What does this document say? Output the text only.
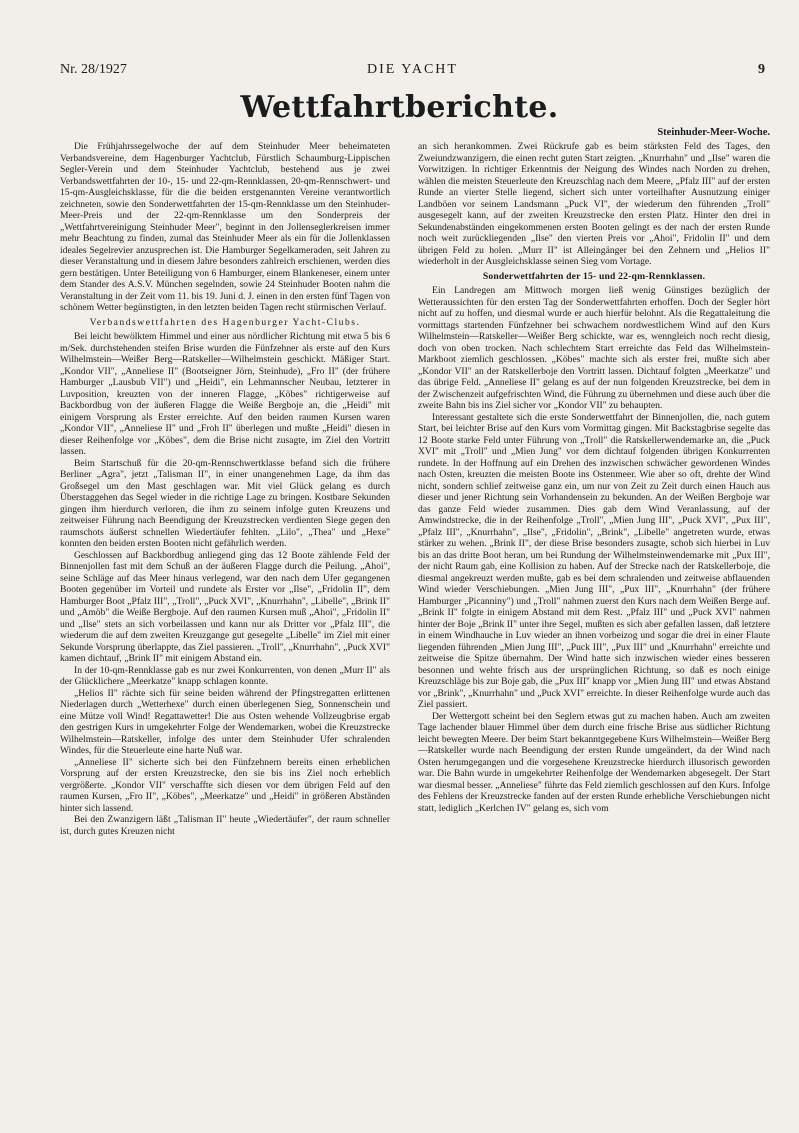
Nr. 28/1927	DIE YACHT	9
Wettfahrtberichte.
Steinhuder-Meer-Woche.

Die Frühjahrssegelwoche der auf dem Steinhuder Meer beheimateten Verbandsvereine, dem Hagenburger Yachtclub, Fürstlich Schaumburg-Lippischen Segler-Verein und dem Steinhuder Yachtclub, bestehend aus je zwei Verbandswettfahrten der 10-, 15- und 22-qm-Rennklassen, 20-qm-Rennschwert- und 15-qm-Ausgleichsklasse, für die die beiden erstgenannten Vereine verantwortlich zeichneten, sowie den Sonderwettfahrten der 15-qm-Rennklasse um den Steinhuder-Meer-Preis und der 22-qm-Rennklasse um den Sonderpreis der „Wettfahrtvereinigung Steinhuder Meer", beginnt in den Jollenseglerkreisen immer mehr Beachtung zu finden, zumal das Steinhuder Meer als ein für die Jollenklassen ideales Segelrevier anzusprechen ist. Die Hamburger Segelkameraden, seit Jahren zu dieser Veranstaltung und in diesem Jahre besonders zahlreich erschienen, werden dies gern bestätigen. Unter Beteiligung von 6 Hamburger, einem Blankeneser, einem unter dem Stander des A.S.V. München segelnden, sowie 24 Steinhuder Booten nahm die Veranstaltung in der Zeit vom 11. bis 19. Juni d. J. einen in den ersten fünf Tagen von schönem Wetter begünstigten, in den letzten beiden Tagen recht stürmischen Verlauf.

Verbandswettfahrten des Hagenburger Yacht-Clubs.

Bei leicht bewölktem Himmel und einer aus nördlicher Richtung mit etwa 5 bis 6 m/Sek. durchstehenden steifen Brise wurden die Fünfzehner als erste auf den Kurs Wilhelmstein—Weißer Berg—Ratskeller—Wilhelmstein geschickt. Mäßiger Start. „Kondor VII", „Anneliese II" (Bootseigner Jörn, Steinhude), „Fro II" (der frühere Hamburger „Lausbub VII") und „Heidi", ein Lehmannscher Neubau, letzterer in Luvposition, kreuzten von der inneren Flagge, „Köbes" richtigerweise auf Backbordbug von der äußeren Flagge die Weiße Bergboje an, die „Heidi" mit einigem Vorsprung als Erster erreichte. Auf den beiden raumen Kursen waren „Kondor VII", „Anneliese II" und „Froh II" überlegen und mußte „Heidi" diesen in dieser Reihenfolge vor „Köbes", dem die Brise nicht zusagte, im Ziel den Vortritt lassen.

Beim Startschuß für die 20-qm-Rennschwertklasse befand sich die frühere Berliner „Agra", jetzt „Talisman II", in einer unangenehmen Lage, da ihm das Großsegel um den Mast geschlagen war. Mit viel Glück gelang es durch Überstaggehen das Segel wieder in die richtige Lage zu bringen. Kostbare Sekunden gingen ihm hierdurch verloren, die ihm zu seinem infolge guten Kreuzens und zeitweiser Führung nach Beendigung der Kreuzstrecken verdienten Siege gegen den raumschots äußerst schnellen Wiedertäufer fehlten. „Lilo", „Thea" und „Hexe" konnten den beiden ersten Booten nicht gefährlich werden.

Geschlossen auf Backbordbug anliegend ging das 12 Boote zählende Feld der Binnenjollen fast mit dem Schuß an der äußeren Flagge durch die Peilung. „Ahoi", seine Schläge auf das Meer hinaus verlegend, war den nach dem Ufer gegangenen Booten gegenüber im Vorteil und rundete als Erster vor „Ilse", „Fridolin II", dem Hamburger Boot „Pfalz III", „Troll", „Puck XVI", „Knurrhahn", „Libelle", „Brink II" und „Amöb" die Weiße Bergboje. Auf den raumen Kursen muß „Ahoi", „Fridolin II" und „Ilse" stets an sich vorbeilassen und kann nur als Dritter vor „Pfalz III", die wiederum die auf dem zweiten Kreuzgange gut gesegelte „Libelle" im Ziel mit einer Sekunde Vorsprung überlappte, das Ziel passieren. „Troll", „Knurrhahn", „Puck XVI" kamen dichtauf, „Brink II" mit einigem Abstand ein.

In der 10-qm-Rennklasse gab es nur zwei Konkurrenten, von denen „Murr II" als der Glücklichere „Meerkatze" knapp schlagen konnte.

„Helios II" rächte sich für seine beiden während der Pfingstregatten erlittenen Niederlagen durch „Wetterhexe" durch einen überlegenen Sieg, Sonnenschein und eine Mütze voll Wind! Regattawetter! Die aus Osten wehende Vollzeugbrise ergab den gestrigen Kurs in umgekehrter Folge der Wendemarken, wobei die Kreuzstrecke Wilhelmstein—Ratskeller, infolge des unter dem Steinhuder Ufer schralenden Windes, für die Steuerleute eine harte Nuß war.

„Anneliese II" sicherte sich bei den Fünfzehnern bereits einen erheblichen Vorsprung auf der ersten Kreuzstrecke, den sie bis ins Ziel noch erheblich vergrößerte. „Kondor VII" verschaffte sich diesen vor dem übrigen Feld auf den raumen Kursen, „Fro II", „Köbes", „Meerkatze" und „Heidi" in größeren Abständen hinter sich lassend.

Bei den Zwanzigern läßt „Talisman II" heute „Wiedertäufer", der raum schneller ist, durch gutes Kreuzen nicht

an sich herankommen. Zwei Rückrufe gab es beim stärksten Feld des Tages, den Zweiundzwanzigern, die einen recht guten Start zeigten. „Knurrhahn" und „Ilse" waren die Vorwitzigen. In richtiger Erkenntnis der Neigung des Windes nach Norden zu drehen, wählen die meisten Steuerleute den Kreuzschlag nach dem Meere, „Pfalz III" auf der ersten Runde an vierter Stelle liegend, sichert sich unter vorteilhafter Ausnutzung einiger Landböen vor seinem Landsmann „Puck VI", der wiederum den führenden „Troll" ausgesegelt kann, auf der zweiten Kreuzstrecke den ersten Platz. Hinter den drei in Sekundenabständen eingekommenen ersten Booten gelingt es der nach der ersten Runde noch weit zurückliegenden „Ilse" den vierten Preis vor „Ahoi", Fridolin II" und dem übrigen Feld zu holen. „Murr II" ist Alleingänger bei den Zehnern und „Helios II" wiederholt in der Ausgleichsklasse seinen Sieg vom Vortage.

Sonderwettfahrten der 15- und 22-qm-Rennklassen.

Ein Landregen am Mittwoch morgen ließ wenig Günstiges bezüglich der Wetteraussichten für den ersten Tag der Sonderwettfahrten erhoffen. Doch der Segler hört nicht auf zu hoffen, und diesmal wurde er auch hierfür belohnt. Als die Regattaleitung die vormittags startenden Fünfzehner bei schwachem nordwestlichem Wind auf den Kurs Wilhelmstein—Ratskeller—Weißer Berg schickte, war es, wenngleich noch recht diesig, doch von oben trocken. Nach schlechtem Start erreichte das Feld das Wilhelmstein-Markboot ziemlich geschlossen. „Köbes" machte sich als erster frei, mußte sich aber „Kondor VII" an der Ratskellerboje den Vortritt lassen. Dichtauf folgten „Meerkatze" und das übrige Feld. „Anneliese II" gelang es auf der nun folgenden Kreuzstrecke, bei dem in der Zwischenzeit aufgefrischten Wind, die Führung zu übernehmen und diese auch über die zweite Bahn bis ins Ziel sicher vor „Kondor VII" zu behaupten.

Interessant gestaltete sich die erste Sonderwettfahrt der Binnenjollen, die, nach gutem Start, bei leichter Brise auf den Kurs vom Vormittag gingen. Mit Backstagbrise segelte das 12 Boote starke Feld unter Führung von „Troll" die Ratskellerwendemarke an, die „Puck XVI" mit „Troll" und „Mien Jung" vor dem dichtauf folgenden übrigen Konkurrenten rundete. In der Hoffnung auf ein Drehen des inzwischen schwächer gewordenen Windes nach Osten, kreuzten die meisten Boote ins Ostenmeer. Wie aber so oft, drehte der Wind nicht, sondern schlief zeitweise ganz ein, um nur von Zeit zu Zeit durch einen Hauch aus dieser und jener Richtung sein Vorhandensein zu bekunden. An der Weißen Bergboje war das ganze Feld wieder zusammen. Dies gab dem Wind Veranlassung, auf der Amwindstrecke, die in der Reihenfolge „Troll", „Mien Jung III", „Puck XVI", „Pux III", „Pfalz III", „Knurrhahn", „Ilse", „Fridolin", „Brink", „Libelle" angetreten wurde, etwas stärker zu wehen. „Brink II", der diese Brise besonders zusagte, schob sich hierbei in Luv bis an das dritte Boot heran, um bei Rundung der Wilhelmsteinwendemarke mit „Pux III", der nicht Raum gab, eine Kollision zu haben. Auf der Strecke nach der Ratskellerboje, die diesmal angekreuzt werden mußte, gab es bei dem schralenden und zeitweise abflauenden Wind wieder Verschiebungen. „Mien Jung III", „Pux III", „Knurrhahn" (der frühere Hamburger „Picanniny") und „Troll" nahmen zuerst den Kurs nach dem Weißen Berge auf. „Brink II" folgte in einigem Abstand mit dem Rest. „Pfalz III" und „Puck XVI" nahmen hinter der Boje „Brink II" unter ihre Segel, mußten es sich aber gefallen lassen, daß letztere in einem Windhauche in Luv wieder an ihnen vorbeizog und sogar die drei in einer Flaute liegenden führenden „Mien Jung III", „Puck III", „Pux III" und „Knurrhahn" erreichte und zeitweise die Spitze übernahm. Der Wind hatte sich inzwischen wieder eines besseren besonnen und wehte frisch aus der ursprünglichen Richtung, so daß es noch einige Kreuzschläge bis zur Boje gab, die „Pux III" knapp vor „Mien Jung III" und etwas Abstand vor „Brink", „Knurrhahn" und „Puck XVI" erreichte. In dieser Reihenfolge wurde auch das Ziel passiert.

Der Wettergott scheint bei den Seglern etwas gut zu machen haben. Auch am zweiten Tage lachender blauer Himmel über dem durch eine frische Brise aus südlicher Richtung leicht bewegten Meere. Der beim Start bekanntgegebene Kurs Wilhelmstein—Weißer Berg—Ratskeller wurde nach Beendigung der ersten Runde umgeändert, da der Wind nach Osten herumgegangen und die vorgesehene Kreuzstrecke hierdurch illusorisch geworden war. Die Bahn wurde in umgekehrter Reihenfolge der Wendemarken abgesegelt. Der Start war diesmal besser. „Anneliese" führte das Feld ziemlich geschlossen auf den Kurs. Infolge des Fehlens der Kreuzstrecke fanden auf der ersten Runde erhebliche Verschiebungen nicht statt, lediglich „Kerlchen IV" gelang es, sich vom
